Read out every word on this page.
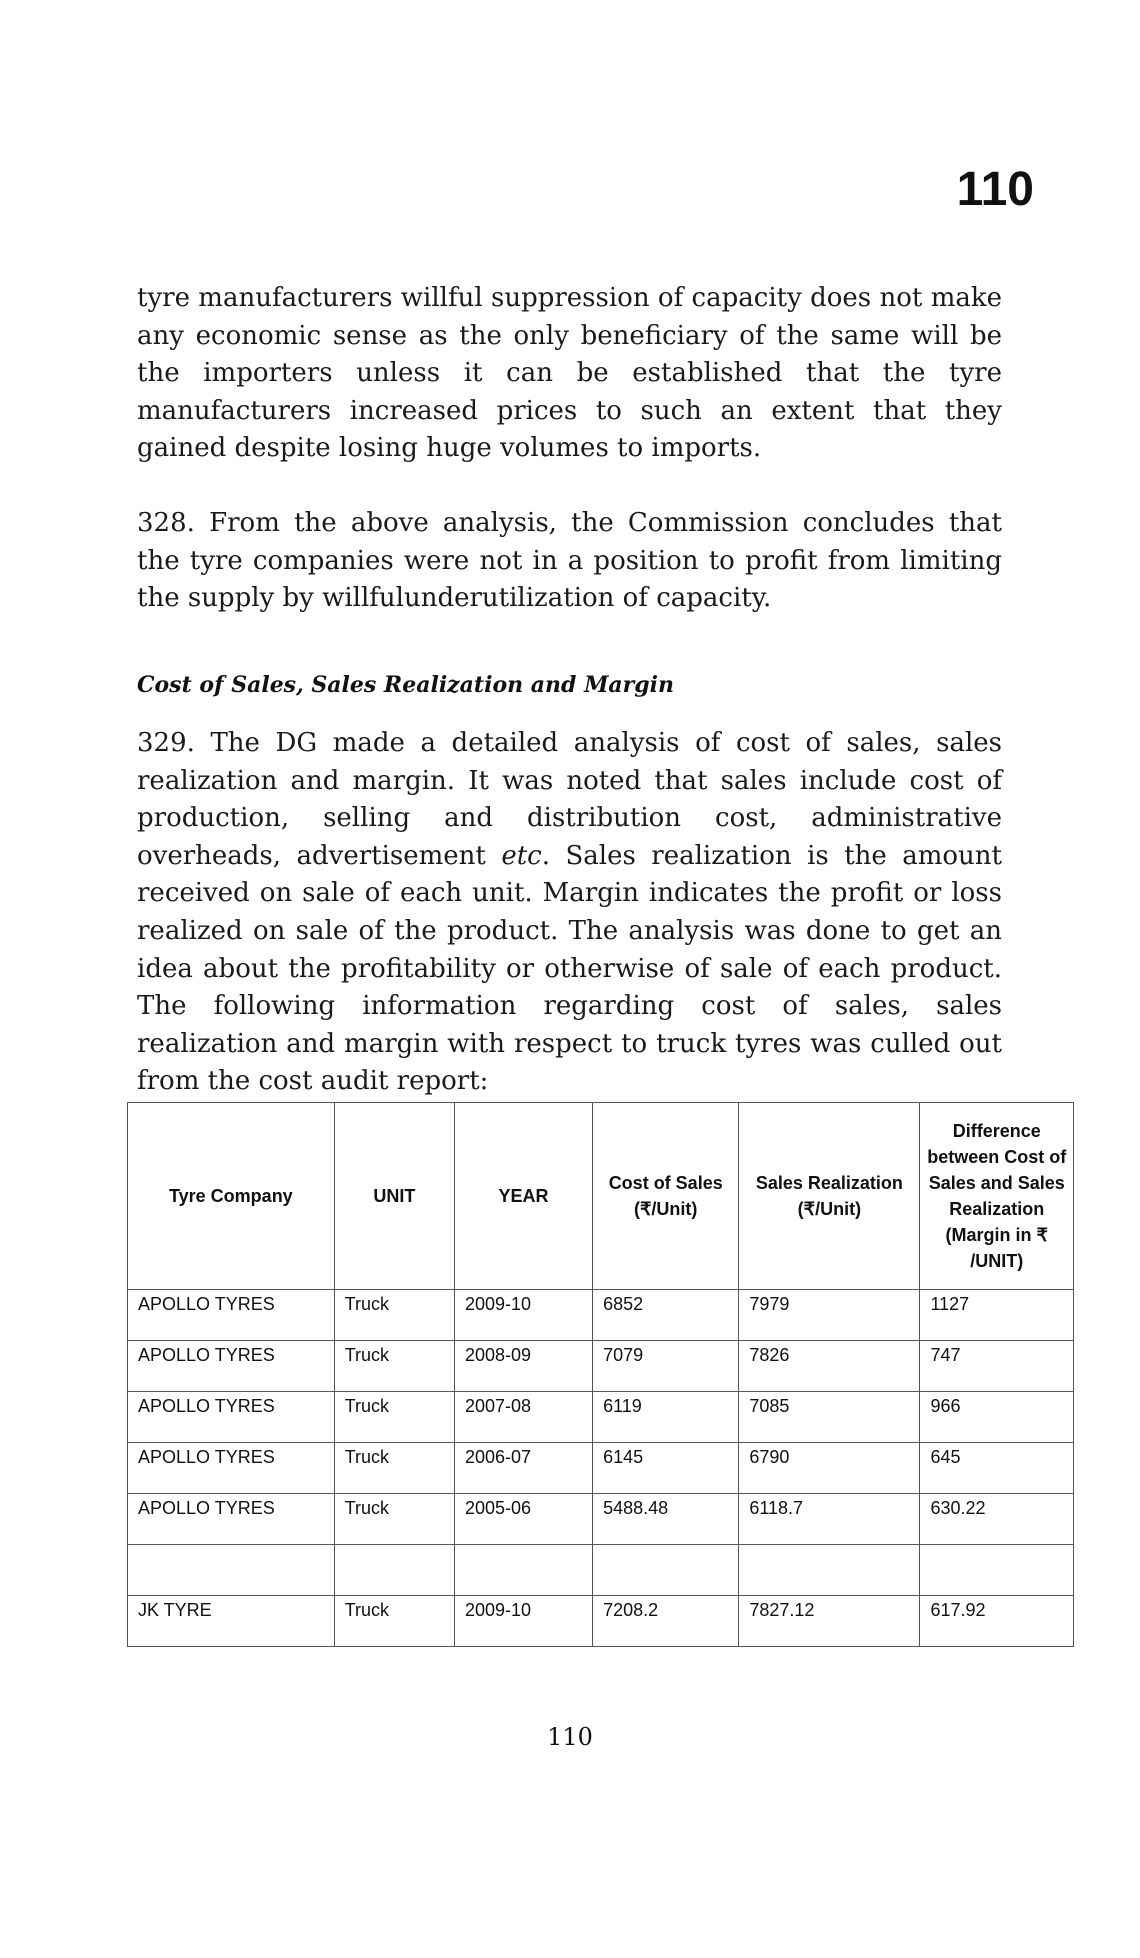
110
tyre manufacturers willful suppression of capacity does not make any economic sense as the only beneficiary of the same will be the importers unless it can be established that the tyre manufacturers increased prices to such an extent that they gained despite losing huge volumes to imports.
328. From the above analysis, the Commission concludes that the tyre companies were not in a position to profit from limiting the supply by willfulunderutilization of capacity.
Cost of Sales, Sales Realization and Margin
329. The DG made a detailed analysis of cost of sales, sales realization and margin. It was noted that sales include cost of production, selling and distribution cost, administrative overheads, advertisement etc. Sales realization is the amount received on sale of each unit. Margin indicates the profit or loss realized on sale of the product. The analysis was done to get an idea about the profitability or otherwise of sale of each product. The following information regarding cost of sales, sales realization and margin with respect to truck tyres was culled out from the cost audit report:
Tyre Company	UNIT	YEAR	Cost of Sales (₹/Unit)	Sales Realization (₹/Unit)	Difference between Cost of Sales and Sales Realization (Margin in ₹ /UNIT)

APOLLO TYRES	Truck	2009-10	6852	7979	1127
APOLLO TYRES	Truck	2008-09	7079	7826	747
APOLLO TYRES	Truck	2007-08	6119	7085	966
APOLLO TYRES	Truck	2006-07	6145	6790	645
APOLLO TYRES	Truck	2005-06	5488.48	6118.7	630.22

JK TYRE	Truck	2009-10	7208.2	7827.12	617.92
110
